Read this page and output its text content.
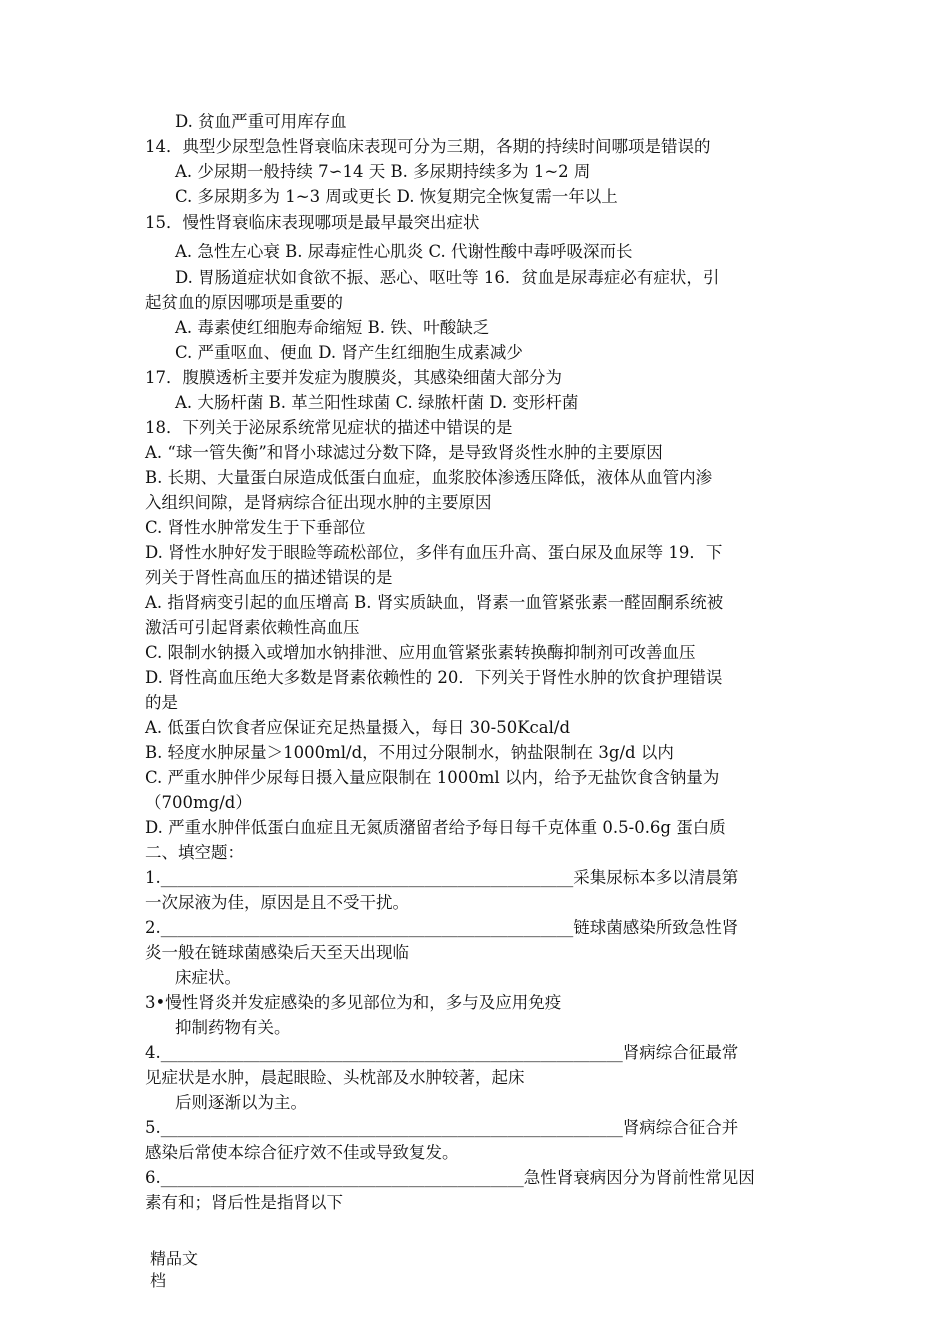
D. 贫血严重可用库存血
14．典型少尿型急性肾衰临床表现可分为三期，各期的持续时间哪项是错误的
A. 少尿期一般持续 7∽14 天 B. 多尿期持续多为 1~2 周
C. 多尿期多为 1~3 周或更长 D. 恢复期完全恢复需一年以上
15．慢性肾衰临床表现哪项是最早最突出症状
A. 急性左心衰 B. 尿毒症性心肌炎 C. 代谢性酸中毒呼吸深而长
D. 胃肠道症状如食欲不振、恶心、呕吐等 16．贫血是尿毒症必有症状，引
起贫血的原因哪项是重要的
A. 毒素使红细胞寿命缩短 B. 铁、叶酸缺乏
C. 严重呕血、便血 D. 肾产生红细胞生成素减少
17．腹膜透析主要并发症为腹膜炎，其感染细菌大部分为
A. 大肠杆菌 B. 革兰阳性球菌 C. 绿脓杆菌 D. 变形杆菌
18．下列关于泌尿系统常见症状的描述中错误的是
A. “球一管失衡”和肾小球滤过分数下降，是导致肾炎性水肿的主要原因
B. 长期、大量蛋白尿造成低蛋白血症，血浆胶体渗透压降低，液体从血管内渗
入组织间隙，是肾病综合征出现水肿的主要原因
C. 肾性水肿常发生于下垂部位
D. 肾性水肿好发于眼睑等疏松部位，多伴有血压升高、蛋白尿及血尿等 19．下
列关于肾性高血压的描述错误的是
A. 指肾病变引起的血压增高 B. 肾实质缺血，肾素一血管紧张素一醛固酮系统被
激活可引起肾素依赖性高血压
C. 限制水钠摄入或增加水钠排泄、应用血管紧张素转换酶抑制剂可改善血压
D. 肾性高血压绝大多数是肾素依赖性的 20．下列关于肾性水肿的饮食护理错误
的是
A. 低蛋白饮食者应保证充足热量摄入，每日 30-50Kcal/d
B. 轻度水肿尿量＞1000ml/d，不用过分限制水，钠盐限制在 3g/d 以内
C. 严重水肿伴少尿每日摄入量应限制在 1000ml 以内，给予无盐饮食含钠量为
（700mg/d）
D. 严重水肿伴低蛋白血症且无氮质潴留者给予每日每千克体重 0.5-0.6g 蛋白质
二、填空题：
1.__________________________________________________采集尿标本多以清晨第
一次尿液为佳，原因是且不受干扰。
2.__________________________________________________链球菌感染所致急性肾
炎一般在链球菌感染后天至天出现临
床症状。
3•慢性肾炎并发症感染的多见部位为和，多与及应用免疫
抑制药物有关。
4.________________________________________________________肾病综合征最常
见症状是水肿，晨起眼睑、头枕部及水肿较著，起床
后则逐渐以为主。
5.________________________________________________________肾病综合征合并
感染后常使本综合征疗效不佳或导致复发。
6.____________________________________________急性肾衰病因分为肾前性常见因
素有和；肾后性是指肾以下
精品文
档
